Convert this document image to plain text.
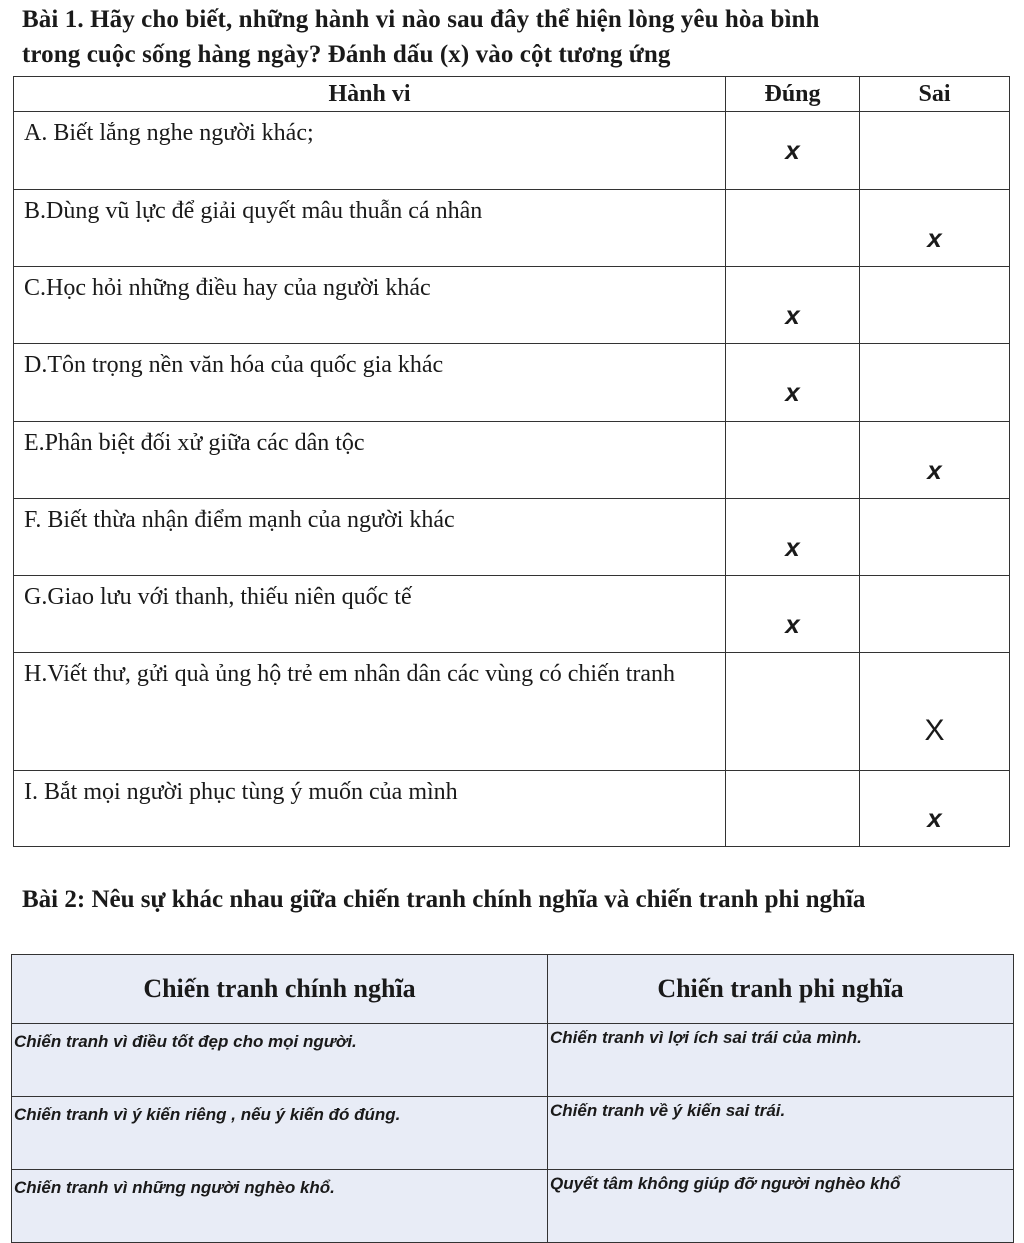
Bài 1. Hãy cho biết, những hành vi nào sau đây thể hiện lòng yêu hòa bình
trong cuộc sống hàng ngày? Đánh dấu (x) vào cột tương ứng
Hành vi	Đúng	Sai
A. Biết lắng nghe người khác;	x	
B.Dùng vũ lực để giải quyết mâu thuẫn cá nhân		x
C.Học hỏi những điều hay của người khác	x	
D.Tôn trọng nền văn hóa của quốc gia khác	x	
E.Phân biệt đối xử giữa các dân tộc		x
F. Biết thừa nhận điểm mạnh của người khác	x	
G.Giao lưu với thanh, thiếu niên quốc tế	x	
H.Viết thư, gửi quà ủng hộ trẻ em nhân dân các vùng có chiến tranh		X
I. Bắt mọi người phục tùng ý muốn của mình		x
Bài 2: Nêu sự khác nhau giữa chiến tranh chính nghĩa và chiến tranh phi nghĩa
Chiến tranh chính nghĩa	Chiến tranh phi nghĩa
Chiến tranh vì điều tốt đẹp cho mọi người.	Chiến tranh vì lợi ích sai trái của mình.
Chiến tranh vì ý kiến riêng , nếu ý kiến đó đúng.	Chiến tranh về ý kiến sai trái.
Chiến tranh vì những người nghèo khổ.	Quyết tâm không giúp đỡ người nghèo khổ
